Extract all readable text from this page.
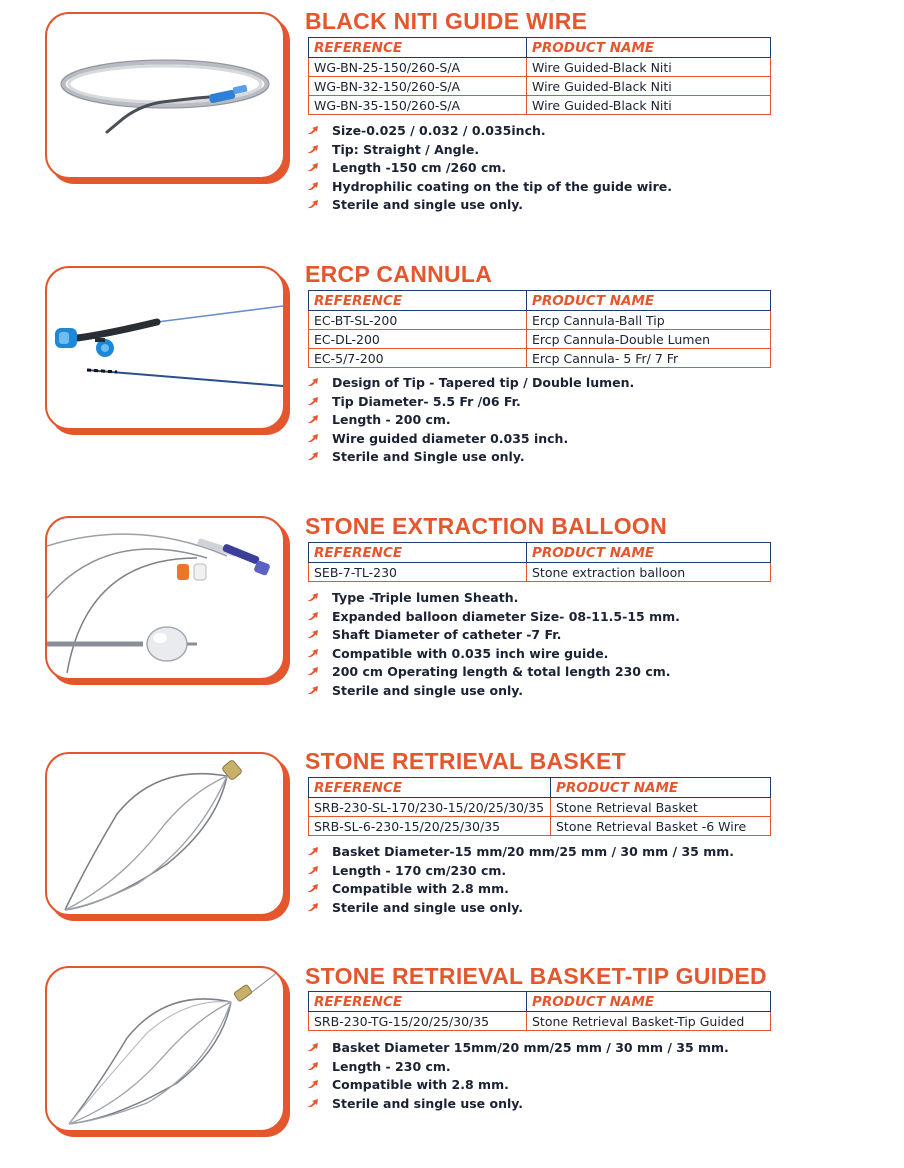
BLACK NITI GUIDE WIRE
REFERENCE	PRODUCT NAME
WG-BN-25-150/260-S/A	Wire Guided-Black Niti
WG-BN-32-150/260-S/A	Wire Guided-Black Niti
WG-BN-35-150/260-S/A	Wire Guided-Black Niti
Size-0.025 / 0.032 / 0.035inch.
Tip: Straight / Angle.
Length -150 cm /260 cm.
Hydrophilic coating on the tip of the guide wire.
Sterile and single use only.
ERCP CANNULA
REFERENCE	PRODUCT NAME
EC-BT-SL-200	Ercp Cannula-Ball Tip
EC-DL-200	Ercp Cannula-Double Lumen
EC-5/7-200	Ercp Cannula- 5 Fr/ 7 Fr
Design of Tip - Tapered tip / Double lumen.
Tip Diameter- 5.5 Fr /06 Fr.
Length - 200 cm.
Wire guided diameter 0.035 inch.
Sterile and Single use only.
STONE EXTRACTION BALLOON
REFERENCE	PRODUCT NAME
SEB-7-TL-230	Stone extraction balloon
Type -Triple lumen Sheath.
Expanded balloon diameter Size- 08-11.5-15 mm.
Shaft Diameter of catheter -7 Fr.
Compatible with 0.035 inch wire guide.
200 cm Operating length & total length 230 cm.
Sterile and single use only.
STONE RETRIEVAL BASKET
REFERENCE	PRODUCT NAME
SRB-230-SL-170/230-15/20/25/30/35	Stone Retrieval Basket
SRB-SL-6-230-15/20/25/30/35	Stone Retrieval Basket -6 Wire
Basket Diameter-15 mm/20 mm/25 mm / 30 mm / 35 mm.
Length - 170 cm/230 cm.
Compatible with 2.8 mm.
Sterile and single use only.
STONE RETRIEVAL BASKET-TIP GUIDED
REFERENCE	PRODUCT NAME
SRB-230-TG-15/20/25/30/35	Stone Retrieval Basket-Tip Guided
Basket Diameter 15mm/20 mm/25 mm / 30 mm / 35 mm.
Length - 230 cm.
Compatible with 2.8 mm.
Sterile and single use only.
